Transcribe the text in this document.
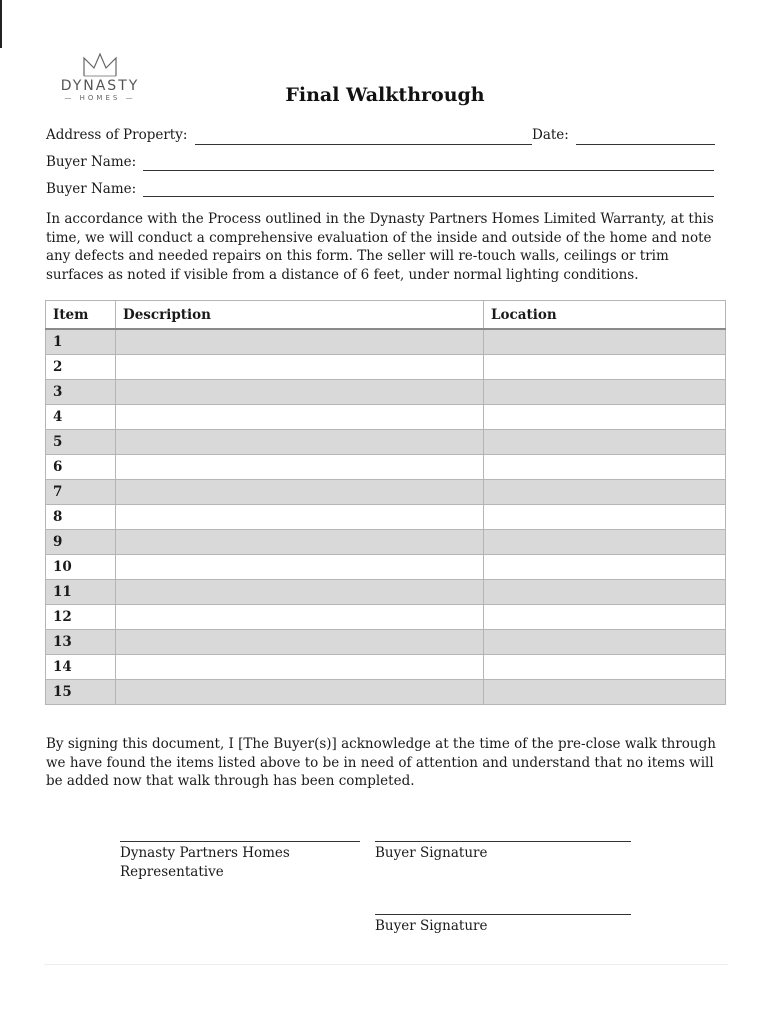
DYNASTY
— HOMES —	Final Walkthrough
Address of Property:	Date:
Buyer Name:
Buyer Name:

In accordance with the Process outlined in the Dynasty Partners Homes Limited Warranty, at this time, we will conduct a comprehensive evaluation of the inside and outside of the home and note any defects and needed repairs on this form. The seller will re-touch walls, ceilings or trim surfaces as noted if visible from a distance of 6 feet, under normal lighting conditions.

Item	Description	Location
1		
2		
3		
4		
5		
6		
7		
8		
9		
10		
11		
12		
13		
14		
15		

By signing this document, I [The Buyer(s)] acknowledge at the time of the pre-close walk through we have found the items listed above to be in need of attention and understand that no items will be added now that walk through has been completed.

Dynasty Partners Homes Representative
Buyer Signature
Buyer Signature
